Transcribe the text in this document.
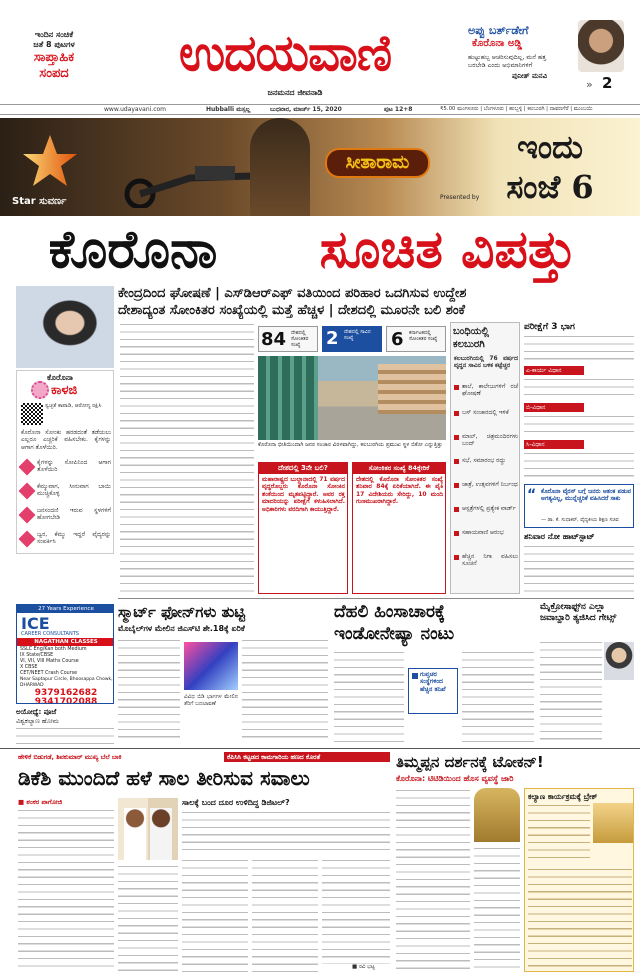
ಇಂದಿನ ಸಂಚಿಕೆ
ಜತೆ 8 ಪುಟಗಳ
ಸಾಪ್ತಾಹಿಕ
ಸಂಪದ	ಉದಯವಾಣಿ
ಜನಮನದ ಜೀವನಾಡಿ
ಅಪ್ಪು ಬರ್ತ್‌ಡೇಗೆ
ಕೊರೊನಾ ಅಡ್ಡಿ
ಹುಟ್ಟುಹಬ್ಬ ಆಚರಿಸುವುದಿಲ್ಲ, ಮನೆ ಹತ್ತ
ಬರಬೇಡಿ ಎಂದು ಅಭಿಮಾನಿಗಳಿಗೆ
ಪುನೀತ್ ಮನವಿ
» 2
www.udayavani.com	Hubballi ಮಸ್ಸಲ್ಲ	ಬುಧವಾರ, ಮಾರ್ಚ್ 15, 2020	ಪುಟ 12+8	₹5.00 ಮಂಗಳೂರು | ಬೆಂಗಳೂರು | ಹುಬ್ಬಳ್ಳಿ | ಕಲಬುರಗಿ | ದಾವಣಗೆರೆ | ಮುಂಬಯಿ
Star ಸುವರ್ಣ
ಸೀತಾರಾಮ
Presented by
ಇಂದು
ಸಂಜೆ 6
ಕೊರೊನಾ	ಸೂಚಿತ ವಿಪತ್ತು
ಕೊರೊನಾ
ಕಾಳಜಿ
ಸ್ವಚ್ಛತೆ ಕಾಪಾಡಿ, ಆರೋಗ್ಯ ರಕ್ಷಿಸಿ
ಕೊರೊನಾ ಸೋಂಕು ಹರಡದಂತೆ ತಡೆಯಲು ಎಲ್ಲರೂ ಎಚ್ಚರಿಕೆ ವಹಿಸಬೇಕು. ಕೈಗಳನ್ನು ಆಗಾಗ ತೊಳೆಯಿರಿ.
ಕೈಗಳನ್ನು ಸೋಪಿನಿಂದ ಆಗಾಗ ತೊಳೆಯಿರಿ
ಕೆಮ್ಮುವಾಗ, ಸೀನುವಾಗ ಬಾಯಿ ಮುಚ್ಚಿಕೊಳ್ಳಿ
ಜನಸಂದಣಿ ಇರುವ ಸ್ಥಳಗಳಿಗೆ ಹೋಗಬೇಡಿ
ಜ್ವರ, ಕೆಮ್ಮು ಇದ್ದರೆ ವೈದ್ಯರನ್ನು ಸಂಪರ್ಕಿಸಿ
27 Years Experience
ICE
CAREER CONSULTANTS
NAGATHAN CLASSES
SSLC Eng/Kan both Medium
IX State/CBSE
VI, VII, VIII Maths Course
X CBSE
CET/NEET Crash Course
Near Saptapur Circle, Bhoosappa Chowk, DHARWAD
9379162682
9341702088
ಅಯೋಧ್ಯೆ: ಪೂಜೆ
ವಿಶ್ವಕಲ್ಯಾಣ ಹೋಮ
ಕೇಂದ್ರದಿಂದ ಘೋಷಣೆ | ಎಸ್‌ಡಿಆರ್‌ಎಫ್ ವತಿಯಿಂದ ಪರಿಹಾರ ಒದಗಿಸುವ ಉದ್ದೇಶ
ದೇಶಾದ್ಯಂತ ಸೋಂಕಿತರ ಸಂಖ್ಯೆಯಲ್ಲಿ ಮತ್ತೆ ಹೆಚ್ಚಳ | ದೇಶದಲ್ಲಿ ಮೂರನೇ ಬಲಿ ಶಂಕೆ
84 ದೇಶದಲ್ಲಿ ಸೋಂಕಿತರ ಸಂಖ್ಯೆ	2	ದೇಶದಲ್ಲಿ ಸಾವಿನ ಸಂಖ್ಯೆ	6	ಕರ್ನಾಟಕದಲ್ಲಿ ಸೋಂಕಿತರ ಸಂಖ್ಯೆ
ಕೊರೊನಾ ಭೀತಿಯಿಂದಾಗಿ ಜನರ ಸಂಚಾರ ವಿರಳವಾಗಿದ್ದು, ಕಲಬುರಗಿಯ ಪ್ರಮುಖ ಸ್ಥಳ ಬಿಕೋ ಎನ್ನುತ್ತಿತ್ತು
ದೇಶದಲ್ಲಿ 3ನೇ ಬಲಿ?
ಮಹಾರಾಷ್ಟ್ರದ ಬುಲ್ದಾನಾದಲ್ಲಿ 71 ವರ್ಷದ ವೃದ್ಧರೊಬ್ಬರು ಕೊರೊನಾ ಸೋಂಕಿನ ಶಂಕೆಯಿಂದ ಮೃತಪಟ್ಟಿದ್ದಾರೆ. ಅವರ ರಕ್ತ ಮಾದರಿಯನ್ನು ಪರೀಕ್ಷೆಗೆ ಕಳುಹಿಸಲಾಗಿದೆ. ಅಧಿಕಾರಿಗಳು ವರದಿಗಾಗಿ ಕಾಯುತ್ತಿದ್ದಾರೆ.
ಸೋಂಕಿತರ ಸಂಖ್ಯೆ 84ಕ್ಕೇರಿಕೆ
ದೇಶದಲ್ಲಿ ಕೊರೊನಾ ಸೋಂಕಿತರ ಸಂಖ್ಯೆ ಶನಿವಾರ 84ಕ್ಕೆ ಏರಿಕೆಯಾಗಿದೆ. ಈ ಪೈಕಿ 17 ವಿದೇಶಿಯರು ಸೇರಿದ್ದು, 10 ಮಂದಿ ಗುಣಮುಖರಾಗಿದ್ದಾರೆ.
ಬಂಧಿಯಲ್ಲಿ ಕಲಬುರಗಿ
ಕಲಬುರಗಿಯಲ್ಲಿ 76 ವರ್ಷದ ವೃದ್ಧನ ಸಾವಿನ ಬಳಿಕ ಕಟ್ಟೆಚ್ಚರ
ಶಾಲೆ, ಕಾಲೇಜುಗಳಿಗೆ ರಜೆ ಘೋಷಣೆ
ಬಸ್ ಸಂಚಾರದಲ್ಲಿ ಇಳಿಕೆ
ಮಾಲ್, ಚಿತ್ರಮಂದಿರಗಳು ಬಂದ್
ಸಭೆ, ಸಮಾರಂಭ ರದ್ದು
ಜಾತ್ರೆ, ಉತ್ಸವಗಳಿಗೆ ನಿರ್ಬಂಧ
ಆಸ್ಪತ್ರೆಗಳಲ್ಲಿ ಪ್ರತ್ಯೇಕ ವಾರ್ಡ್
ಸಹಾಯವಾಣಿ ಆರಂಭ
ಹೆಚ್ಚಿನ ನಿಗಾ ವಹಿಸಲು ಸೂಚನೆ
ಪರೀಕ್ಷೆಗೆ 3 ಭಾಗ
ಎ-ಕಾರ್ಯ ವಿಧಾನ
ಬಿ-ವಿಧಾನ
ಸಿ-ವಿಧಾನ
“ ಕೊರೊನಾ ವೈರಸ್ ಬಗ್ಗೆ ಜನರು ಆತಂಕ ಪಡುವ ಅಗತ್ಯವಿಲ್ಲ, ಮುನ್ನೆಚ್ಚರಿಕೆ ವಹಿಸಿದರೆ ಸಾಕು
— ಡಾ. ಕೆ. ಸುಧಾಕರ್, ವೈದ್ಯಕೀಯ ಶಿಕ್ಷಣ ಸಚಿವ
ಶನಿವಾರ ನೋ ಹಾಟ್‌ಸ್ಪಾಟ್
ಸ್ಮಾರ್ಟ್ ಫೋನ್‌ಗಳು ತುಟ್ಟಿ
ಮೊಬೈಲ್‌ಗಳ ಮೇಲಿನ ಜಿಎಸ್‌ಟಿ ಶೇ.18ಕ್ಕೆ ಏರಿಕೆ
ವಿವಿಧ ಬಿಡಿ ಭಾಗಗಳ ಮೇಲಿನ ತೆರಿಗೆ ಬದಲಾವಣೆ
ದೆಹಲಿ ಹಿಂಸಾಚಾರಕ್ಕೆ
ಇಂಡೋನೇಷ್ಯಾ ನಂಟು
ಗುಪ್ತಚರ ಸಂಸ್ಥೆಗಳಿಂದ ಹೆಚ್ಚಿನ ತನಿಖೆ
ಮೈಕ್ರೋಸಾಫ್ಟ್‌ನ ಎಲ್ಲಾ ಜವಾಬ್ದಾರಿ ತ್ಯಜಿಸಿದ ಗೇಟ್ಸ್
ಹೇಳಿಕೆ ಬಿಡುಗಡೆ, ಶಿವಕುಮಾರ್ ಮುಖ್ಯ ಬೆಲೆ ಬಾಕಿ	ಕೆಪಿಸಿಸಿ ಕಟ್ಟಡದ ಕಾಮಗಾರಿಯ ಹಣದ ಕೊರತೆ
ಡಿಕೆಶಿ ಮುಂದಿದೆ ಹಳೆ ಸಾಲ ತೀರಿಸುವ ಸವಾಲು
■ ಶಂಕರ ಪಾಗೋಜಿ	ಸಾಲಕ್ಕೆ ಬಂದ ದೂರ ಉಳಿದಿದ್ದ ಡಿಜಿಟಲ್?
■ ರವಿ ಭಟ್ಟ
ತಿಮ್ಮಪ್ಪನ ದರ್ಶನಕ್ಕೆ ಟೋಕನ್!
ಕೊರೊನಾ: ಟಿಟಿಡಿಯಿಂದ ಹೊಸ ವ್ಯವಸ್ಥೆ ಜಾರಿ
ಕಲ್ಯಾಣ ಕಾರ್ಯಕ್ರಮಕ್ಕೆ ಬ್ರೇಕ್
